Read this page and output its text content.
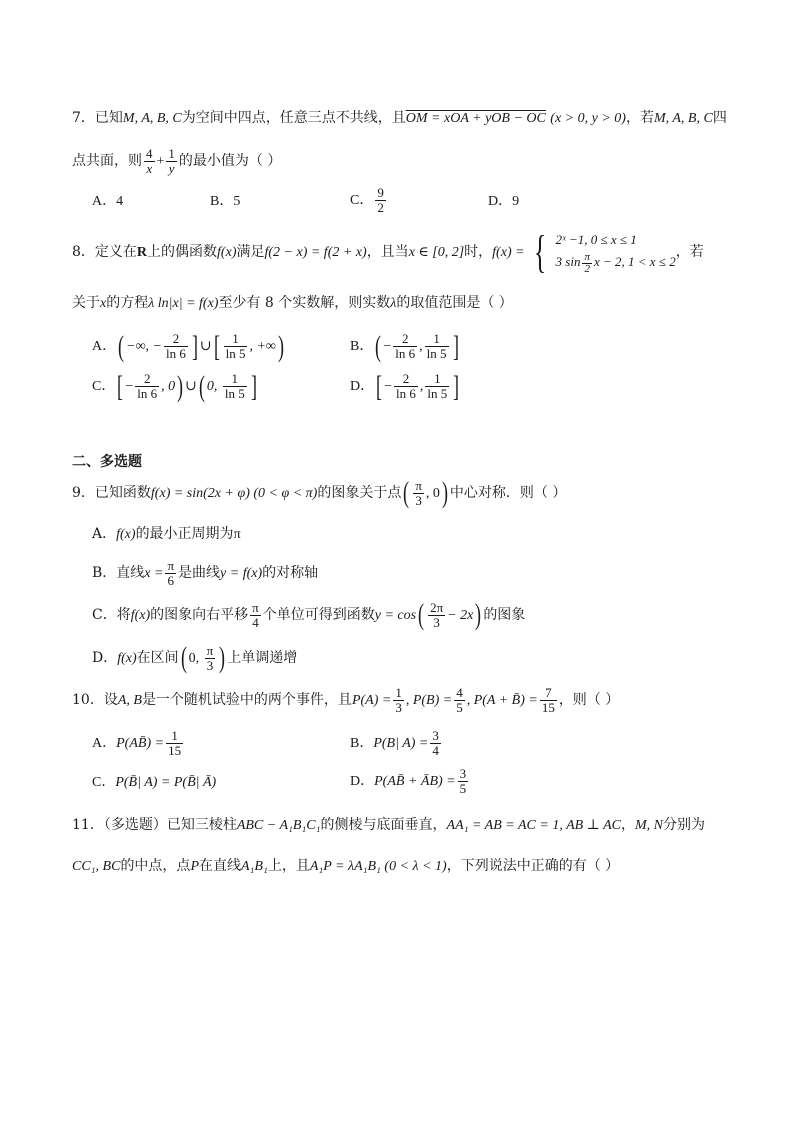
7．已知M, A, B, C为空间中四点，任意三点不共线，且OM = xOA + yOB − OC (x > 0, y > 0)，若M, A, B, C四
点共面，则 $\frac{4}{x} + \frac{1}{y}$ 的最小值为（ ）
A．4	B．5	C． $\frac{9}{2}$	D．9
8．定义在R上的偶函数f(x)满足f(2 − x) = f(2 + x)，且当x ∈ [0, 2]时，f(x) = { 2ˣ −1, 0 ≤ x ≤ 1
3 $\sin \frac{\pi}{2}$ x − 2, 1 < x ≤ 2
，若
关于x的方程λ ln|x| = f(x)至少有 8 个实数解，则实数λ的取值范围是（ ）
A．( −∞, − $\frac{2}{\ln 6}$ ] ∪[ $\frac{1}{\ln 5}$ , +∞)	B．( − $\frac{2}{\ln 6}$ , $\frac{1}{\ln 5}$ ]
C．[ − $\frac{2}{\ln 6}$ , 0) ∪( 0, $\frac{1}{\ln 5}$ ]	D．[ − $\frac{2}{\ln 6}$ , $\frac{1}{\ln 5}$ ]
二、多选题
9．已知函数f(x) = sin(2x + φ) (0 < φ < π)的图象关于点( $\frac{\pi}{3}$ , 0) 中心对称．则（ ）
A．f(x)的最小正周期为π
B．直线$x = \frac{\pi}{6}$ 是曲线y = f(x)的对称轴
C．将f(x)的图象向右平移 $\frac{\pi}{4}$ 个单位可得到函数$y = \cos( \frac{2\pi}{3} - 2x)$ 的图象
D．f(x)在区间( 0, $\frac{\pi}{3}$ ) 上单调递增
10．设A, B是一个随机试验中的两个事件，且$P(A) = \frac{1}{3}$ , $P(B) = \frac{4}{5}$ , P(A + B̄) = $\frac{7}{15}$ ，则（ ）
A．P(AB̄) = $\frac{1}{15}$	B．P(B| $A) = \frac{3}{4}$
C．P(B̄| A) = P(B̄| Ā)	D．P(AB̄ + ĀB) = $\frac{3}{5}$
11．（多选题）已知三棱柱ABC − A₁B₁C₁的侧棱与底面垂直，AA₁ = AB = AC = 1, AB ⊥ AC，M, N分别为
CC₁, BC的中点，点P在直线A₁B₁上，且A₁P = λA₁B₁ (0 < λ < 1)，下列说法中正确的有（ ）
